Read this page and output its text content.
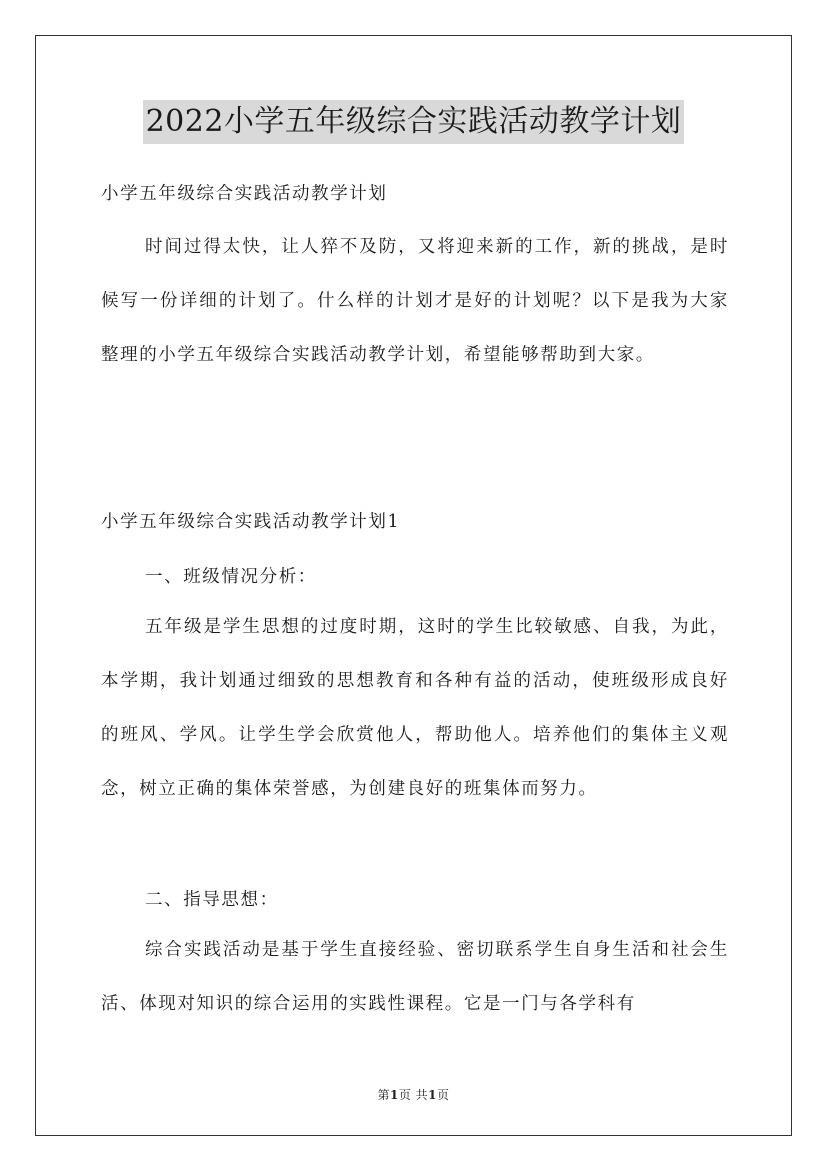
2022小学五年级综合实践活动教学计划
小学五年级综合实践活动教学计划

时间过得太快，让人猝不及防，又将迎来新的工作，新的挑战，是时候写一份详细的计划了。什么样的计划才是好的计划呢？以下是我为大家整理的小学五年级综合实践活动教学计划，希望能够帮助到大家。

小学五年级综合实践活动教学计划1
一、班级情况分析：

五年级是学生思想的过度时期，这时的学生比较敏感、自我，为此，本学期，我计划通过细致的思想教育和各种有益的活动，使班级形成良好的班风、学风。让学生学会欣赏他人，帮助他人。培养他们的集体主义观念，树立正确的集体荣誉感，为创建良好的班集体而努力。

二、指导思想：

综合实践活动是基于学生直接经验、密切联系学生自身生活和社会生活、体现对知识的综合运用的实践性课程。它是一门与各学科有

第1页 共1页
